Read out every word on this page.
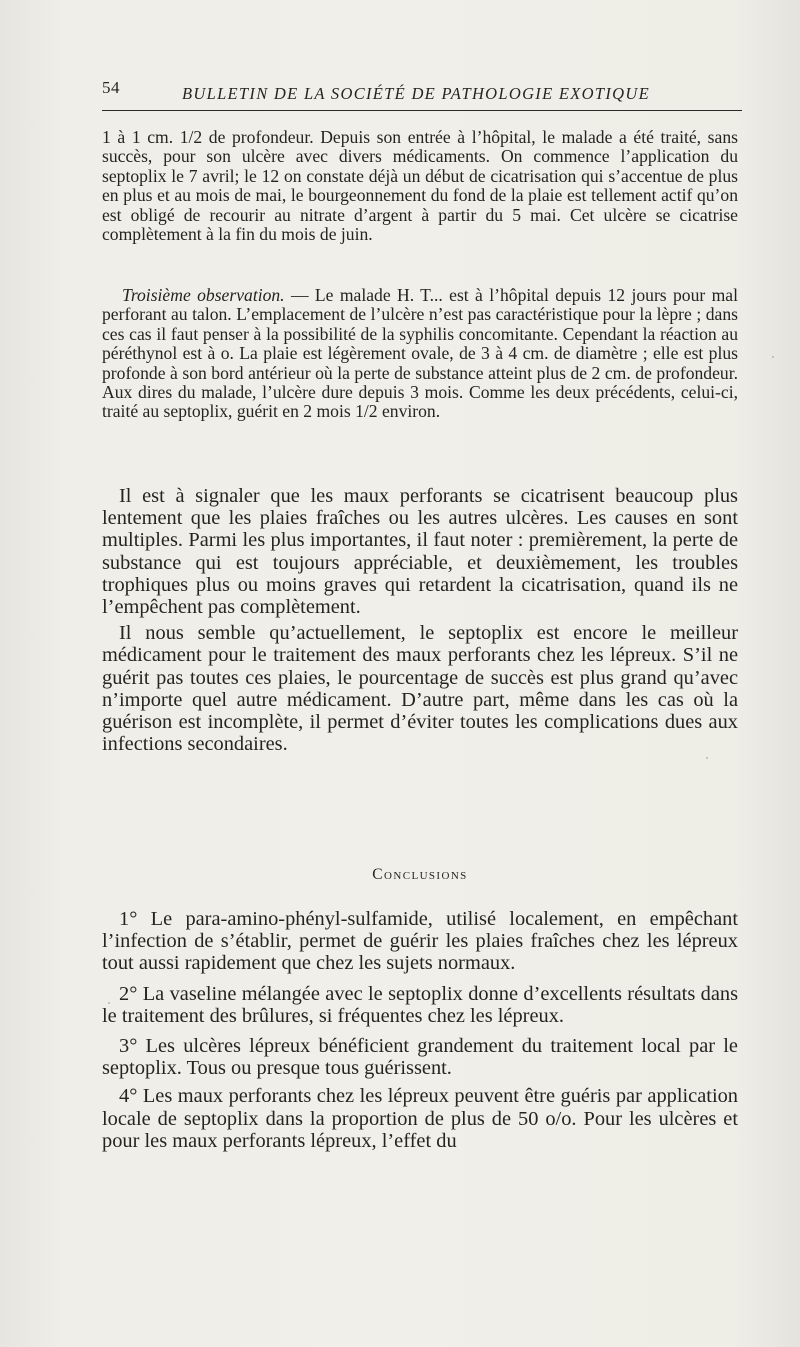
54	BULLETIN DE LA SOCIÉTÉ DE PATHOLOGIE EXOTIQUE

1 à 1 cm. 1/2 de profondeur. Depuis son entrée à l’hôpital, le malade a été traité, sans succès, pour son ulcère avec divers médicaments. On commence l’application du septoplix le 7 avril; le 12 on constate déjà un début de cicatrisation qui s’accentue de plus en plus et au mois de mai, le bourgeonnement du fond de la plaie est tellement actif qu’on est obligé de recourir au nitrate d’argent à partir du 5 mai. Cet ulcère se cicatrise complètement à la fin du mois de juin.

Troisième observation. — Le malade H. T... est à l’hôpital depuis 12 jours pour mal perforant au talon. L’emplacement de l’ulcère n’est pas caractéristique pour la lèpre ; dans ces cas il faut penser à la possibilité de la syphilis concomitante. Cependant la réaction au péréthynol est à o. La plaie est légèrement ovale, de 3 à 4 cm. de diamètre ; elle est plus profonde à son bord antérieur où la perte de substance atteint plus de 2 cm. de profondeur. Aux dires du malade, l’ulcère dure depuis 3 mois. Comme les deux précédents, celui-ci, traité au septoplix, guérit en 2 mois 1/2 environ.

Il est à signaler que les maux perforants se cicatrisent beaucoup plus lentement que les plaies fraîches ou les autres ulcères. Les causes en sont multiples. Parmi les plus importantes, il faut noter : premièrement, la perte de substance qui est toujours appréciable, et deuxièmement, les troubles trophiques plus ou moins graves qui retardent la cicatrisation, quand ils ne l’empêchent pas complètement.

Il nous semble qu’actuellement, le septoplix est encore le meilleur médicament pour le traitement des maux perforants chez les lépreux. S’il ne guérit pas toutes ces plaies, le pourcentage de succès est plus grand qu’avec n’importe quel autre médicament. D’autre part, même dans les cas où la guérison est incomplète, il permet d’éviter toutes les complications dues aux infections secondaires.

Conclusions

1° Le para-amino-phényl-sulfamide, utilisé localement, en empêchant l’infection de s’établir, permet de guérir les plaies fraîches chez les lépreux tout aussi rapidement que chez les sujets normaux.

2° La vaseline mélangée avec le septoplix donne d’excellents résultats dans le traitement des brûlures, si fréquentes chez les lépreux.

3° Les ulcères lépreux bénéficient grandement du traitement local par le septoplix. Tous ou presque tous guérissent.

4° Les maux perforants chez les lépreux peuvent être guéris par application locale de septoplix dans la proportion de plus de 50 o/o. Pour les ulcères et pour les maux perforants lépreux, l’effet du
